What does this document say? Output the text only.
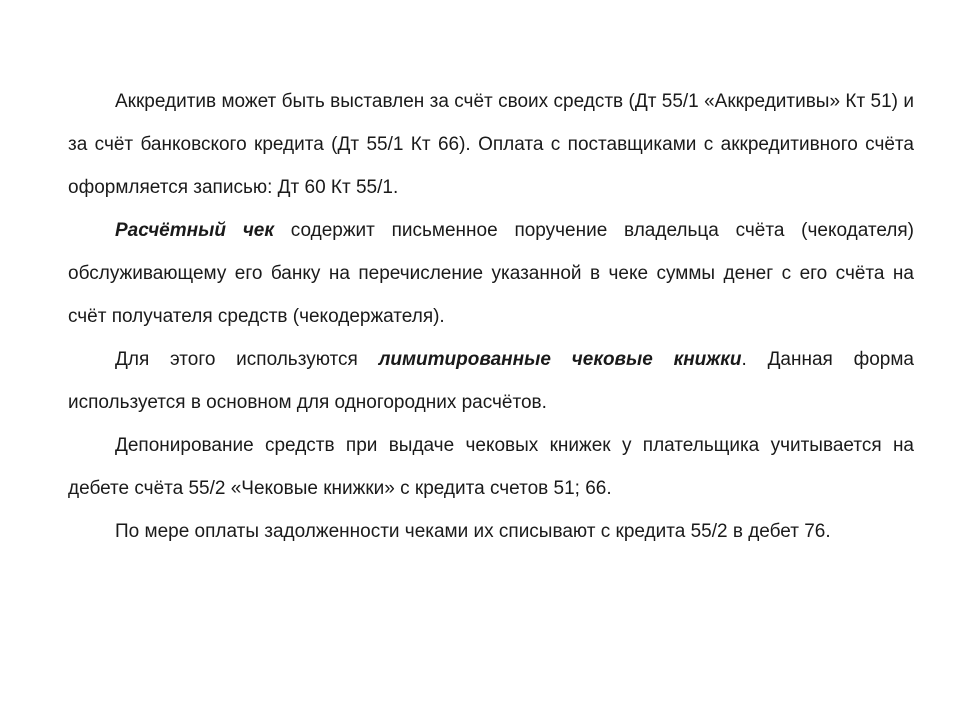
Аккредитив может быть выставлен за счёт своих средств (Дт 55/1 «Аккредитивы» Кт 51) и за счёт банковского кредита (Дт 55/1 Кт 66). Оплата с поставщиками с аккредитивного счёта оформляется записью: Дт 60 Кт 55/1.

Расчётный чек содержит письменное поручение владельца счёта (чекодателя) обслуживающему его банку на перечисление указанной в чеке суммы денег с его счёта на счёт получателя средств (чекодержателя).

Для этого используются лимитированные чековые книжки. Данная форма используется в основном для одногородних расчётов.

Депонирование средств при выдаче чековых книжек у плательщика учитывается на дебете счёта 55/2 «Чековые книжки» с кредита счетов 51; 66.

По мере оплаты задолженности чеками их списывают с кредита 55/2 в дебет 76.
